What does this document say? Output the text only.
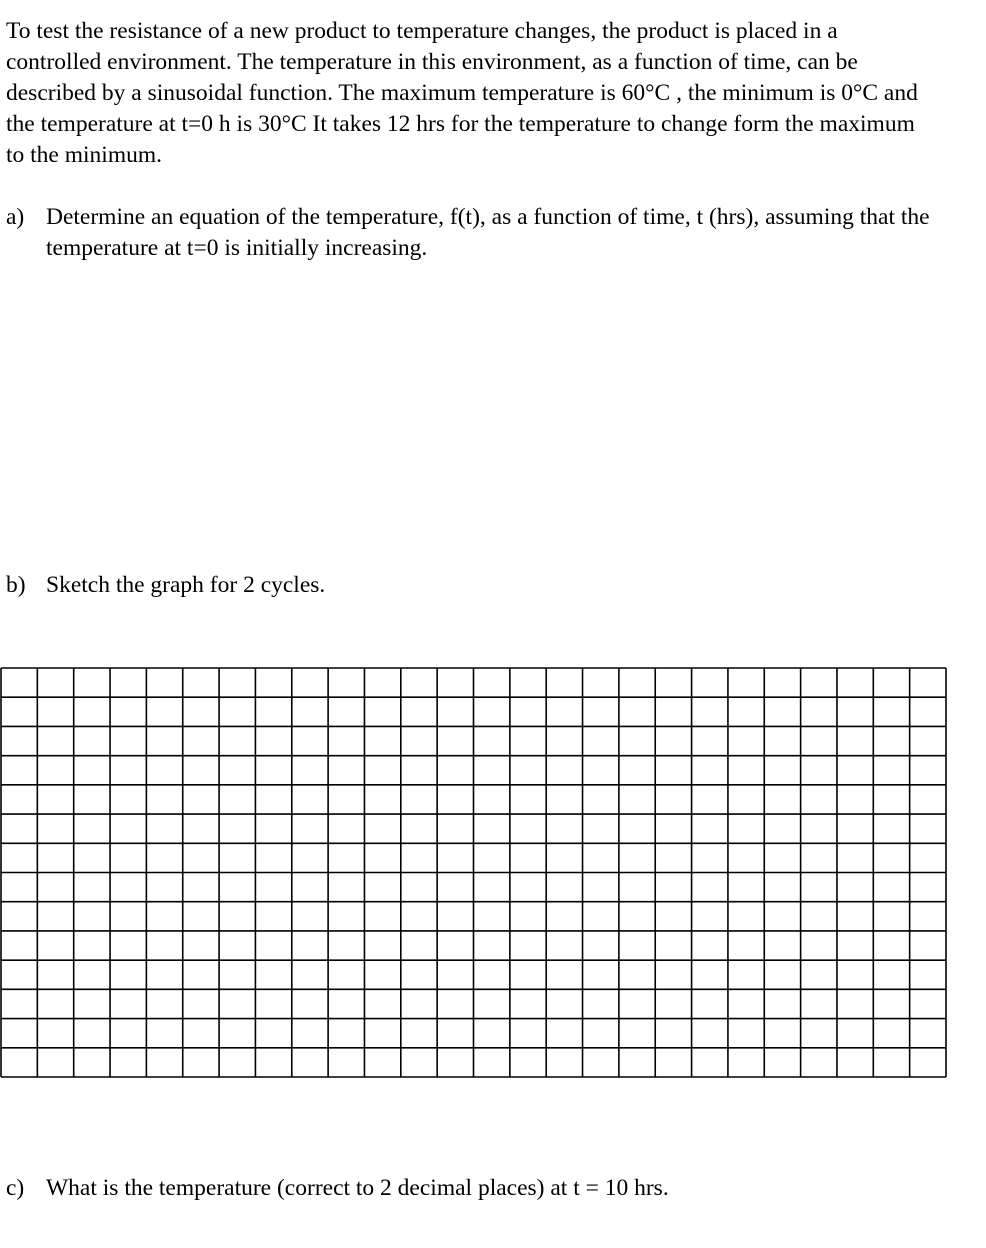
To test the resistance of a new product to temperature changes, the product is placed in a
controlled environment. The temperature in this environment, as a function of time, can be
described by a sinusoidal function. The maximum temperature is 60°C , the minimum is 0°C and
the temperature at t=0 h is 30°C It takes 12 hrs for the temperature to change form the maximum
to the minimum.
a) Determine an equation of the temperature, f(t), as a function of time, t (hrs), assuming that the
temperature at t=0 is initially increasing.
b) Sketch the graph for 2 cycles.
c) What is the temperature (correct to 2 decimal places) at t = 10 hrs.
